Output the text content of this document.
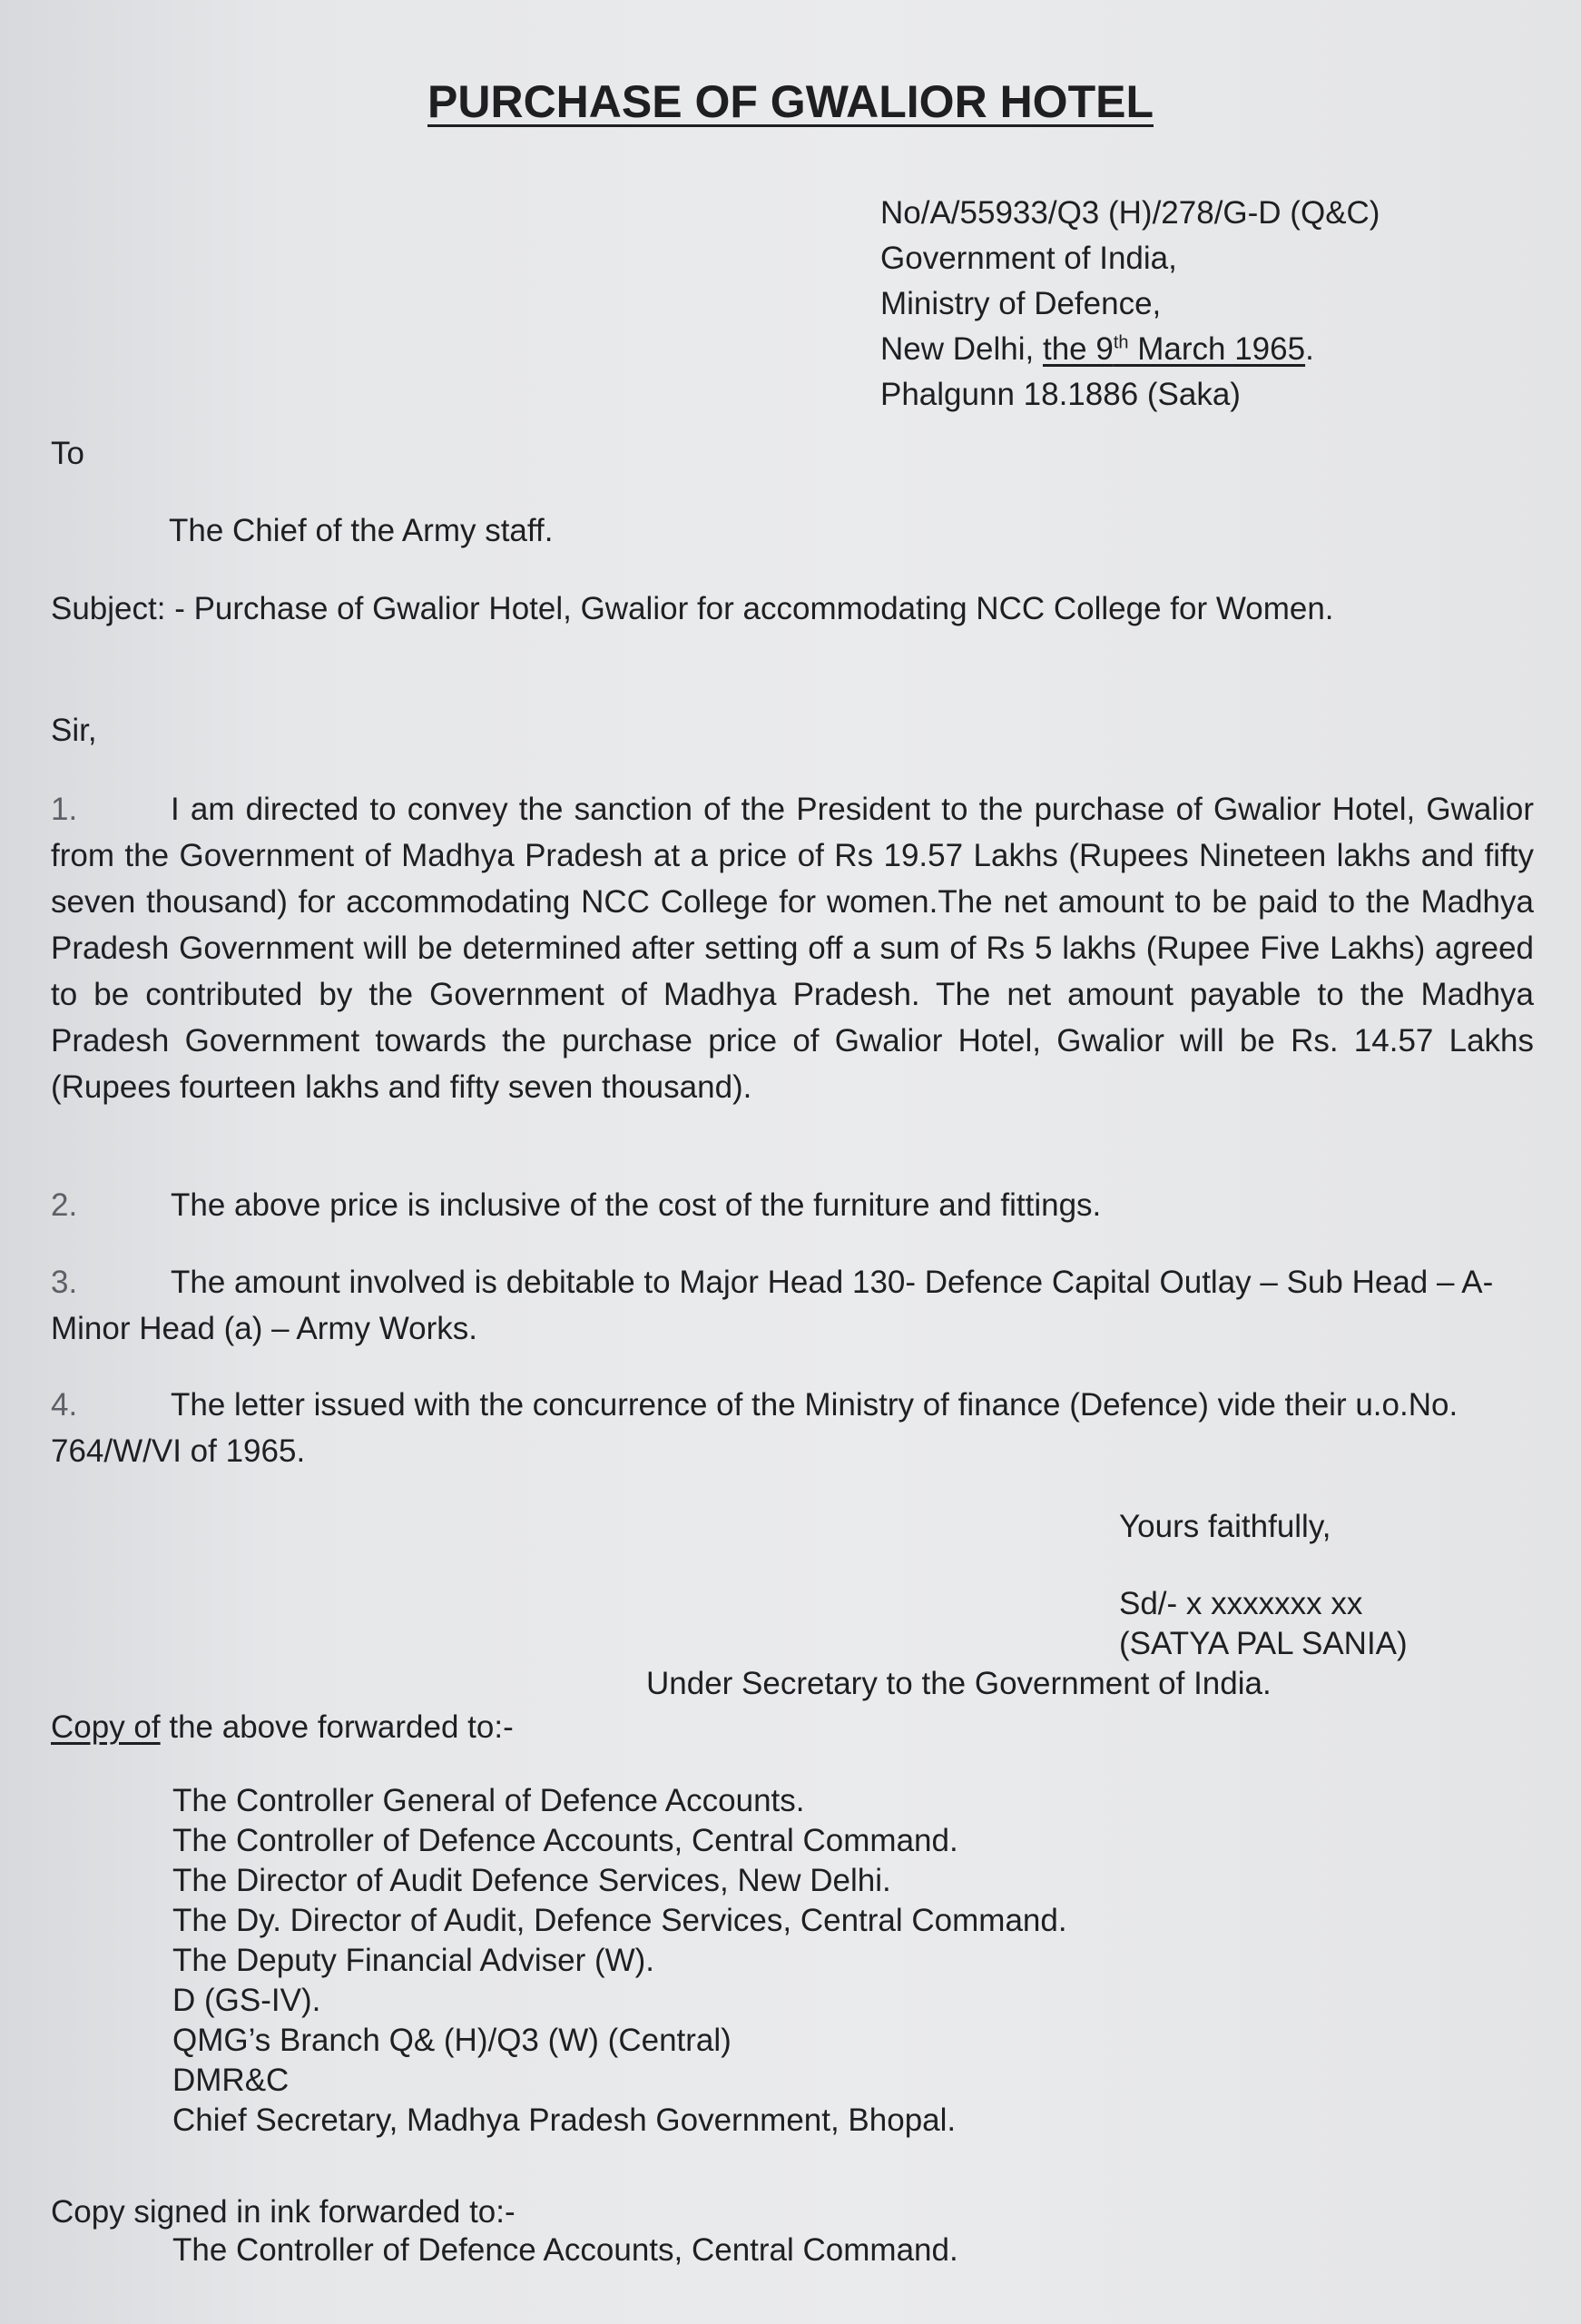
PURCHASE OF GWALIOR HOTEL
No/A/55933/Q3 (H)/278/G-D (Q&C)
Government of India,
Ministry of Defence,
New Delhi, the 9th March 1965.
Phalgunn 18.1886 (Saka)
To
The Chief of the Army staff.
Subject: - Purchase of Gwalior Hotel, Gwalior for accommodating NCC College for Women.
Sir,
1.	I am directed to convey the sanction of the President to the purchase of Gwalior Hotel, Gwalior from the Government of Madhya Pradesh at a price of Rs 19.57 Lakhs (Rupees Nineteen lakhs and fifty seven thousand) for accommodating NCC College for women.The net amount to be paid to the Madhya Pradesh Government will be determined after setting off a sum of Rs 5 lakhs (Rupee Five Lakhs) agreed to be contributed by the Government of Madhya Pradesh. The net amount payable to the Madhya Pradesh Government towards the purchase price of Gwalior Hotel, Gwalior will be Rs. 14.57 Lakhs (Rupees fourteen lakhs and fifty seven thousand).
2.	The above price is inclusive of the cost of the furniture and fittings.
3.	The amount involved is debitable to Major Head 130- Defence Capital Outlay – Sub Head – A- Minor Head (a) – Army Works.
4.	The letter issued with the concurrence of the Ministry of finance (Defence) vide their u.o.No. 764/W/VI of 1965.
Yours faithfully,
Sd/- x xxxxxxx xx
(SATYA PAL SANIA)
Under Secretary to the Government of India.
Copy of the above forwarded to:-
The Controller General of Defence Accounts.
The Controller of Defence Accounts, Central Command.
The Director of Audit Defence Services, New Delhi.
The Dy. Director of Audit, Defence Services, Central Command.
The Deputy Financial Adviser (W).
D (GS-IV).
QMG’s Branch Q& (H)/Q3 (W) (Central)
DMR&C
Chief Secretary, Madhya Pradesh Government, Bhopal.
Copy signed in ink forwarded to:-
The Controller of Defence Accounts, Central Command.
